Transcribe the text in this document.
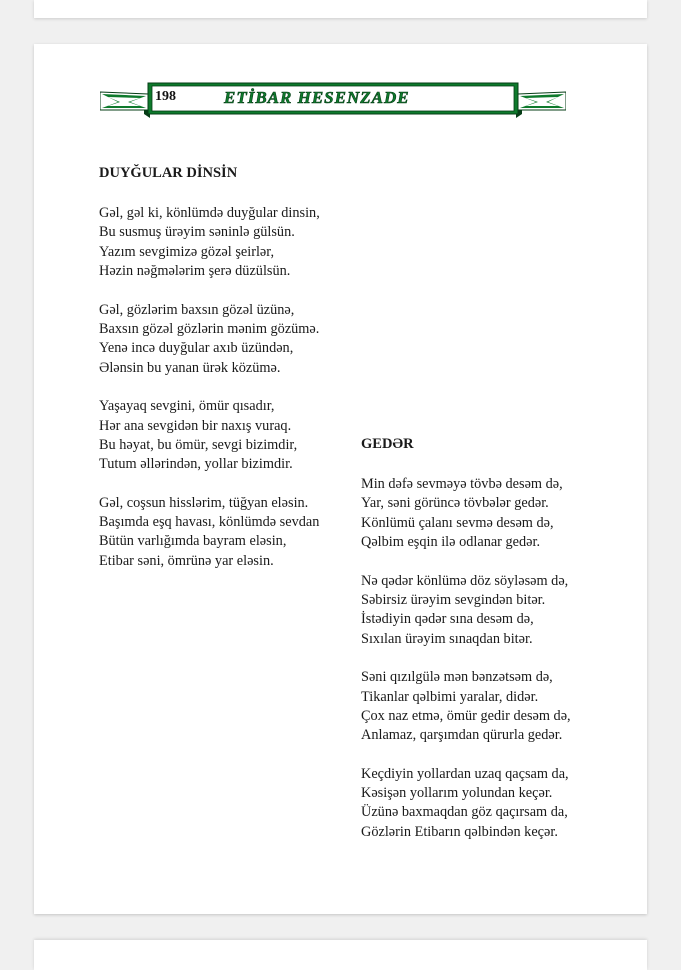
198	ETİBAR HESENZADE
DUYĞULAR DİNSİN
Gəl, gəl ki, könlümdə duyğular dinsin,
Bu susmuş ürəyim səninlə gülsün.
Yazım sevgimizə gözəl şeirlər,
Həzin nəğmələrim şerə düzülsün.
Gəl, gözlərim baxsın gözəl üzünə,
Baxsın gözəl gözlərin mənim gözümə.
Yenə incə duyğular axıb üzündən,
Ələnsin bu yanan ürək közümə.
Yaşayaq sevgini, ömür qısadır,
Hər ana sevgidən bir naxış vuraq.
Bu həyat, bu ömür, sevgi bizimdir,
Tutum əllərindən, yollar bizimdir.
Gəl, coşsun hisslərim, tüğyan eləsin.
Başımda eşq havası, könlümdə sevdan
Bütün varlığımda bayram eləsin,
Etibar səni, ömrünə yar eləsin.
GEDƏR
Min dəfə sevməyə tövbə desəm də,
Yar, səni görüncə tövbələr gedər.
Könlümü çalanı sevmə desəm də,
Qəlbim eşqin ilə odlanar gedər.
Nə qədər könlümə döz söyləsəm də,
Səbirsiz ürəyim sevgindən bitər.
İstədiyin qədər sına desəm də,
Sıxılan ürəyim sınaqdan bitər.
Səni qızılgülə mən bənzətsəm də,
Tikanlar qəlbimi yaralar, didər.
Çox naz etmə, ömür gedir desəm də,
Anlamaz, qarşımdan qürurla gedər.
Keçdiyin yollardan uzaq qaçsam da,
Kəsişən yollarım yolundan keçər.
Üzünə baxmaqdan göz qaçırsam da,
Gözlərin Etibarın qəlbindən keçər.
